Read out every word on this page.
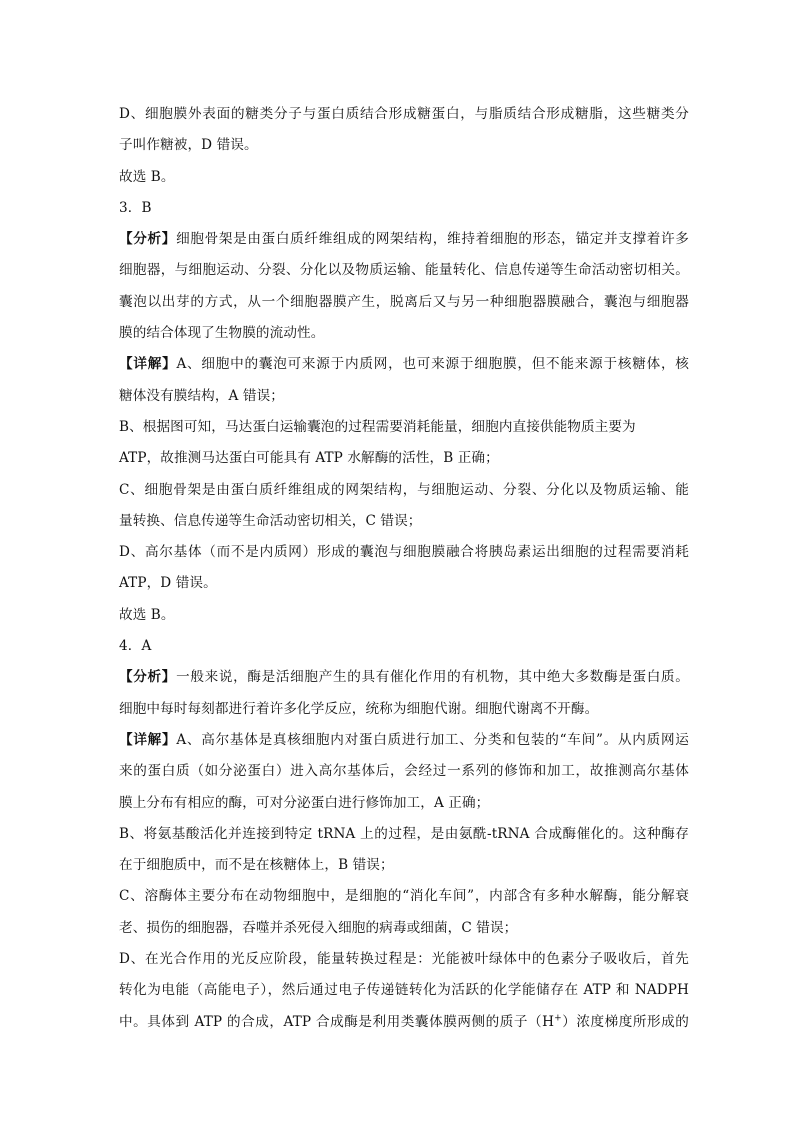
D、细胞膜外表面的糖类分子与蛋白质结合形成糖蛋白，与脂质结合形成糖脂，这些糖类分
子叫作糖被，D 错误。
故选 B。
3．B
【分析】细胞骨架是由蛋白质纤维组成的网架结构，维持着细胞的形态，锚定并支撑着许多
细胞器，与细胞运动、分裂、分化以及物质运输、能量转化、信息传递等生命活动密切相关。
囊泡以出芽的方式，从一个细胞器膜产生，脱离后又与另一种细胞器膜融合，囊泡与细胞器
膜的结合体现了生物膜的流动性。
【详解】A、细胞中的囊泡可来源于内质网，也可来源于细胞膜，但不能来源于核糖体，核
糖体没有膜结构，A 错误；
B、根据图可知，马达蛋白运输囊泡的过程需要消耗能量，细胞内直接供能物质主要为
ATP，故推测马达蛋白可能具有 ATP 水解酶的活性，B 正确；
C、细胞骨架是由蛋白质纤维组成的网架结构，与细胞运动、分裂、分化以及物质运输、能
量转换、信息传递等生命活动密切相关，C 错误；
D、高尔基体（而不是内质网）形成的囊泡与细胞膜融合将胰岛素运出细胞的过程需要消耗
ATP，D 错误。
故选 B。
4．A
【分析】一般来说，酶是活细胞产生的具有催化作用的有机物，其中绝大多数酶是蛋白质。
细胞中每时每刻都进行着许多化学反应，统称为细胞代谢。细胞代谢离不开酶。
【详解】A、高尔基体是真核细胞内对蛋白质进行加工、分类和包装的“车间”。从内质网运
来的蛋白质（如分泌蛋白）进入高尔基体后，会经过一系列的修饰和加工，故推测高尔基体
膜上分布有相应的酶，可对分泌蛋白进行修饰加工，A 正确；
B、将氨基酸活化并连接到特定 tRNA 上的过程，是由氨酰-tRNA 合成酶催化的。这种酶存
在于细胞质中，而不是在核糖体上，B 错误；
C、溶酶体主要分布在动物细胞中，是细胞的“消化车间”，内部含有多种水解酶，能分解衰
老、损伤的细胞器，吞噬并杀死侵入细胞的病毒或细菌，C 错误；
D、在光合作用的光反应阶段，能量转换过程是：光能被叶绿体中的色素分子吸收后，首先
转化为电能（高能电子），然后通过电子传递链转化为活跃的化学能储存在 ATP 和 NADPH
中。具体到 ATP 的合成，ATP 合成酶是利用类囊体膜两侧的质子（H+）浓度梯度所形成的
